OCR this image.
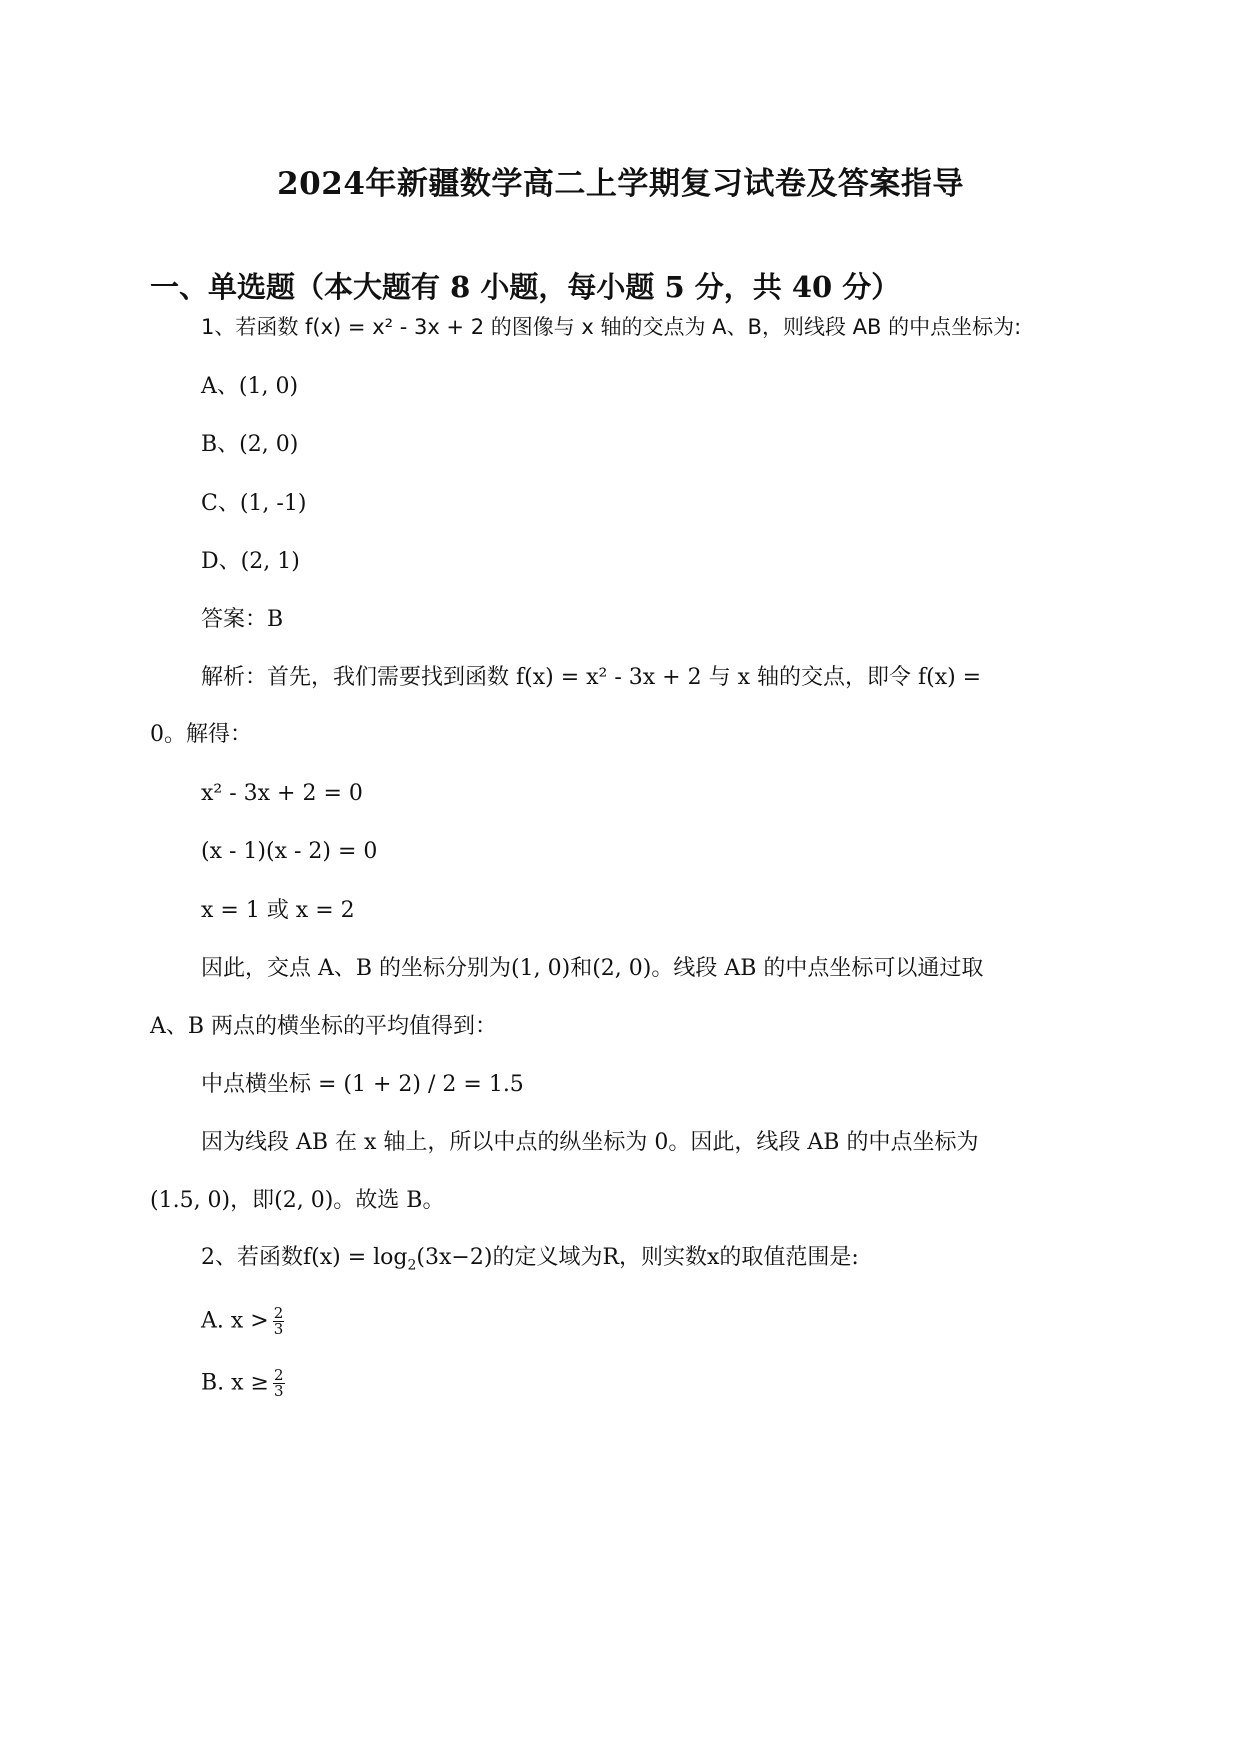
2024年新疆数学高二上学期复习试卷及答案指导
一、单选题（本大题有 8 小题，每小题 5 分，共 40 分）
1、若函数 f(x) = x² - 3x + 2 的图像与 x 轴的交点为 A、B，则线段 AB 的中点坐标为:
A、(1, 0)
B、(2, 0)
C、(1, -1)
D、(2, 1)
答案：B
解析：首先，我们需要找到函数 f(x) = x² - 3x + 2 与 x 轴的交点，即令 f(x) =
0。解得：
x² - 3x + 2 = 0
(x - 1)(x - 2) = 0
x = 1 或 x = 2
因此，交点 A、B 的坐标分别为(1, 0)和(2, 0)。线段 AB 的中点坐标可以通过取
A、B 两点的横坐标的平均值得到：
中点横坐标 = (1 + 2) / 2 = 1.5
因为线段 AB 在 x 轴上，所以中点的纵坐标为 0。因此，线段 AB 的中点坐标为
(1.5, 0)，即(2, 0)。故选 B。
2、若函数$f(x) = \log_2(3x-2)$的定义域为R，则实数x的取值范围是:
A. $x > \frac{2}{3}$
B. $x \ge \frac{2}{3}$
